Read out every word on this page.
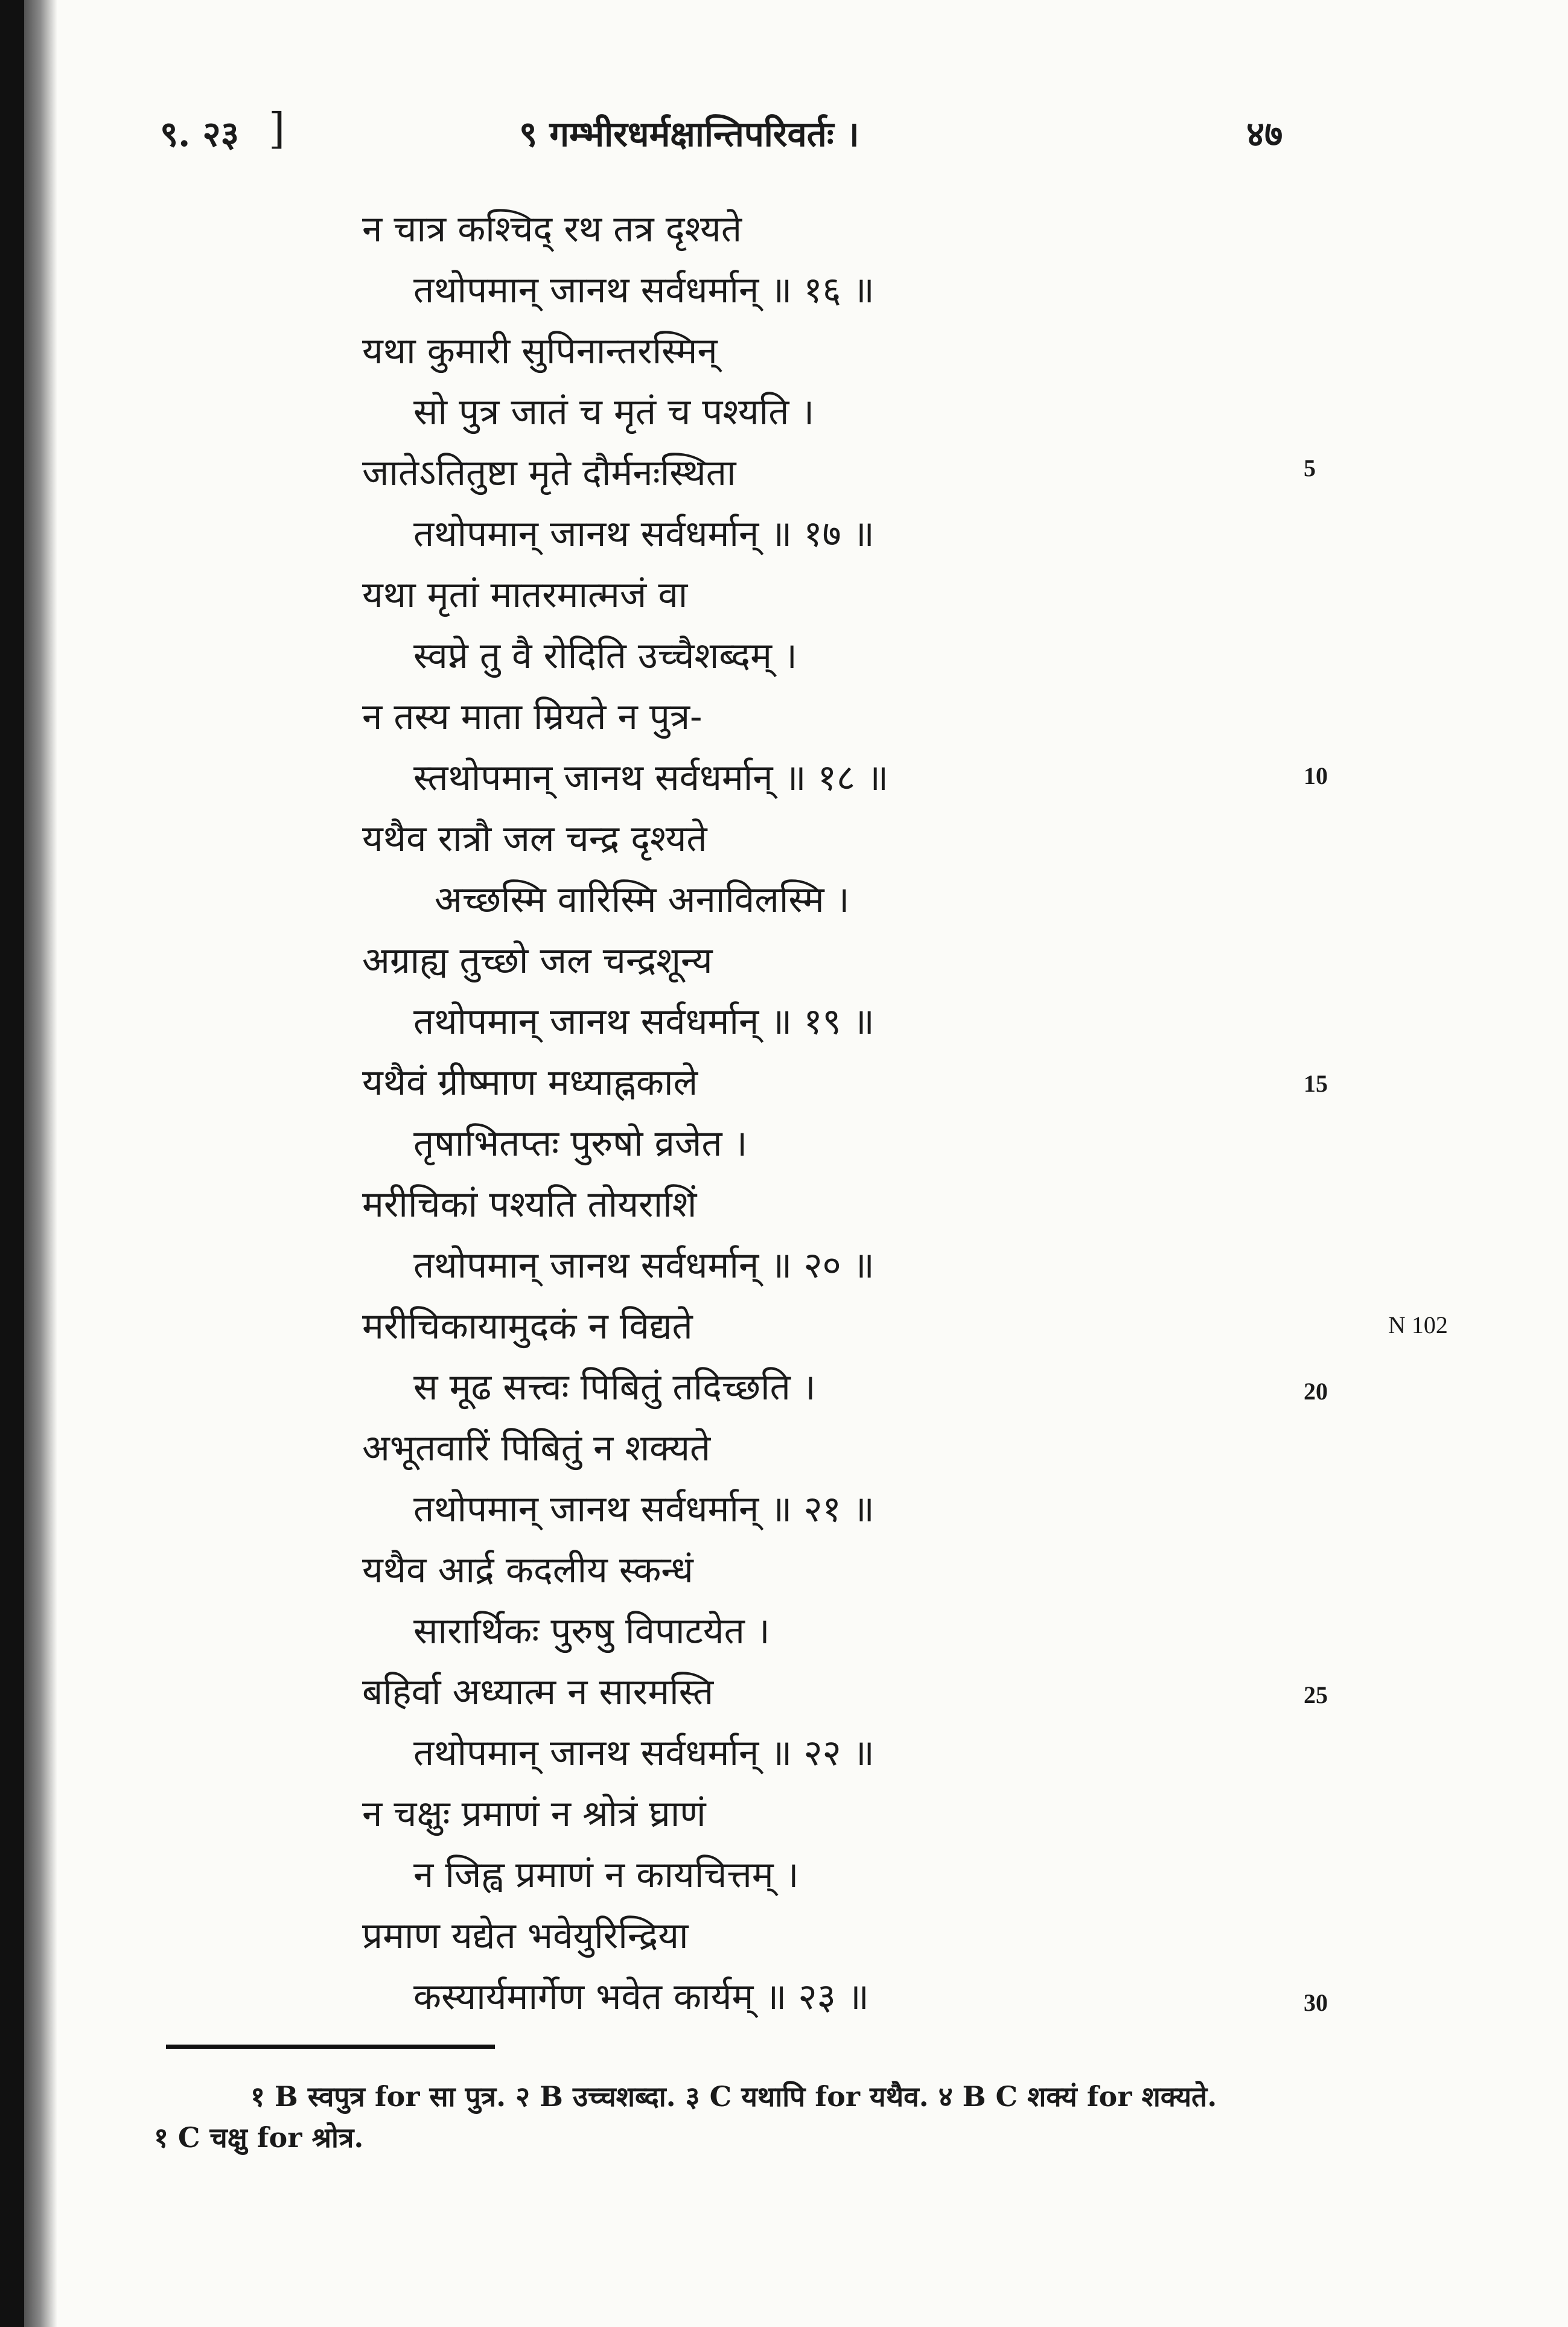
९. २३ ]	९ गम्भीरधर्मक्षान्तिपरिवर्तः ।	४७
न चात्र कश्चिद् रथ तत्र दृश्यते
तथोपमान् जानथ सर्वधर्मान् ॥ १६ ॥
यथा कुमारी सुपिनान्तरस्मिन्
सो पुत्र जातं च मृतं च पश्यति ।
जातेऽतितुष्टा मृते दौर्मनःस्थिता
तथोपमान् जानथ सर्वधर्मान् ॥ १७ ॥
यथा मृतां मातरमात्मजं वा
स्वप्ने तु वै रोदिति उच्चैशब्दम् ।
न तस्य माता म्रियते न पुत्र-
स्तथोपमान् जानथ सर्वधर्मान् ॥ १८ ॥
यथैव रात्रौ जल चन्द्र दृश्यते
अच्छस्मि वारिस्मि अनाविलस्मि ।
अग्राह्य तुच्छो जल चन्द्रशून्य
तथोपमान् जानथ सर्वधर्मान् ॥ १९ ॥
यथैवं ग्रीष्माण मध्याह्नकाले
तृषाभितप्तः पुरुषो व्रजेत ।
मरीचिकां पश्यति तोयराशिं
तथोपमान् जानथ सर्वधर्मान् ॥ २० ॥
मरीचिकायामुदकं न विद्यते
स मूढ सत्त्वः पिबितुं तदिच्छति ।
अभूतवारिं पिबितुं न शक्यते
तथोपमान् जानथ सर्वधर्मान् ॥ २१ ॥
यथैव आर्द्र कदलीय स्कन्धं
सारार्थिकः पुरुषु विपाटयेत ।
बहिर्वा अध्यात्म न सारमस्ति
तथोपमान् जानथ सर्वधर्मान् ॥ २२ ॥
न चक्षुः प्रमाणं न श्रोत्रं घ्राणं
न जिह्व प्रमाणं न कायचित्तम् ।
प्रमाण यद्येत भवेयुरिन्द्रिया
कस्यार्यमार्गेण भवेत कार्यम् ॥ २३ ॥
5
10
15
20
25
30
N 102
१ B स्वपुत्र for सा पुत्र. २ B उच्चशब्दा. ३ C यथापि for यथैव. ४ B C शक्यं for शक्यते.
१ C चक्षु for श्रोत्र.
